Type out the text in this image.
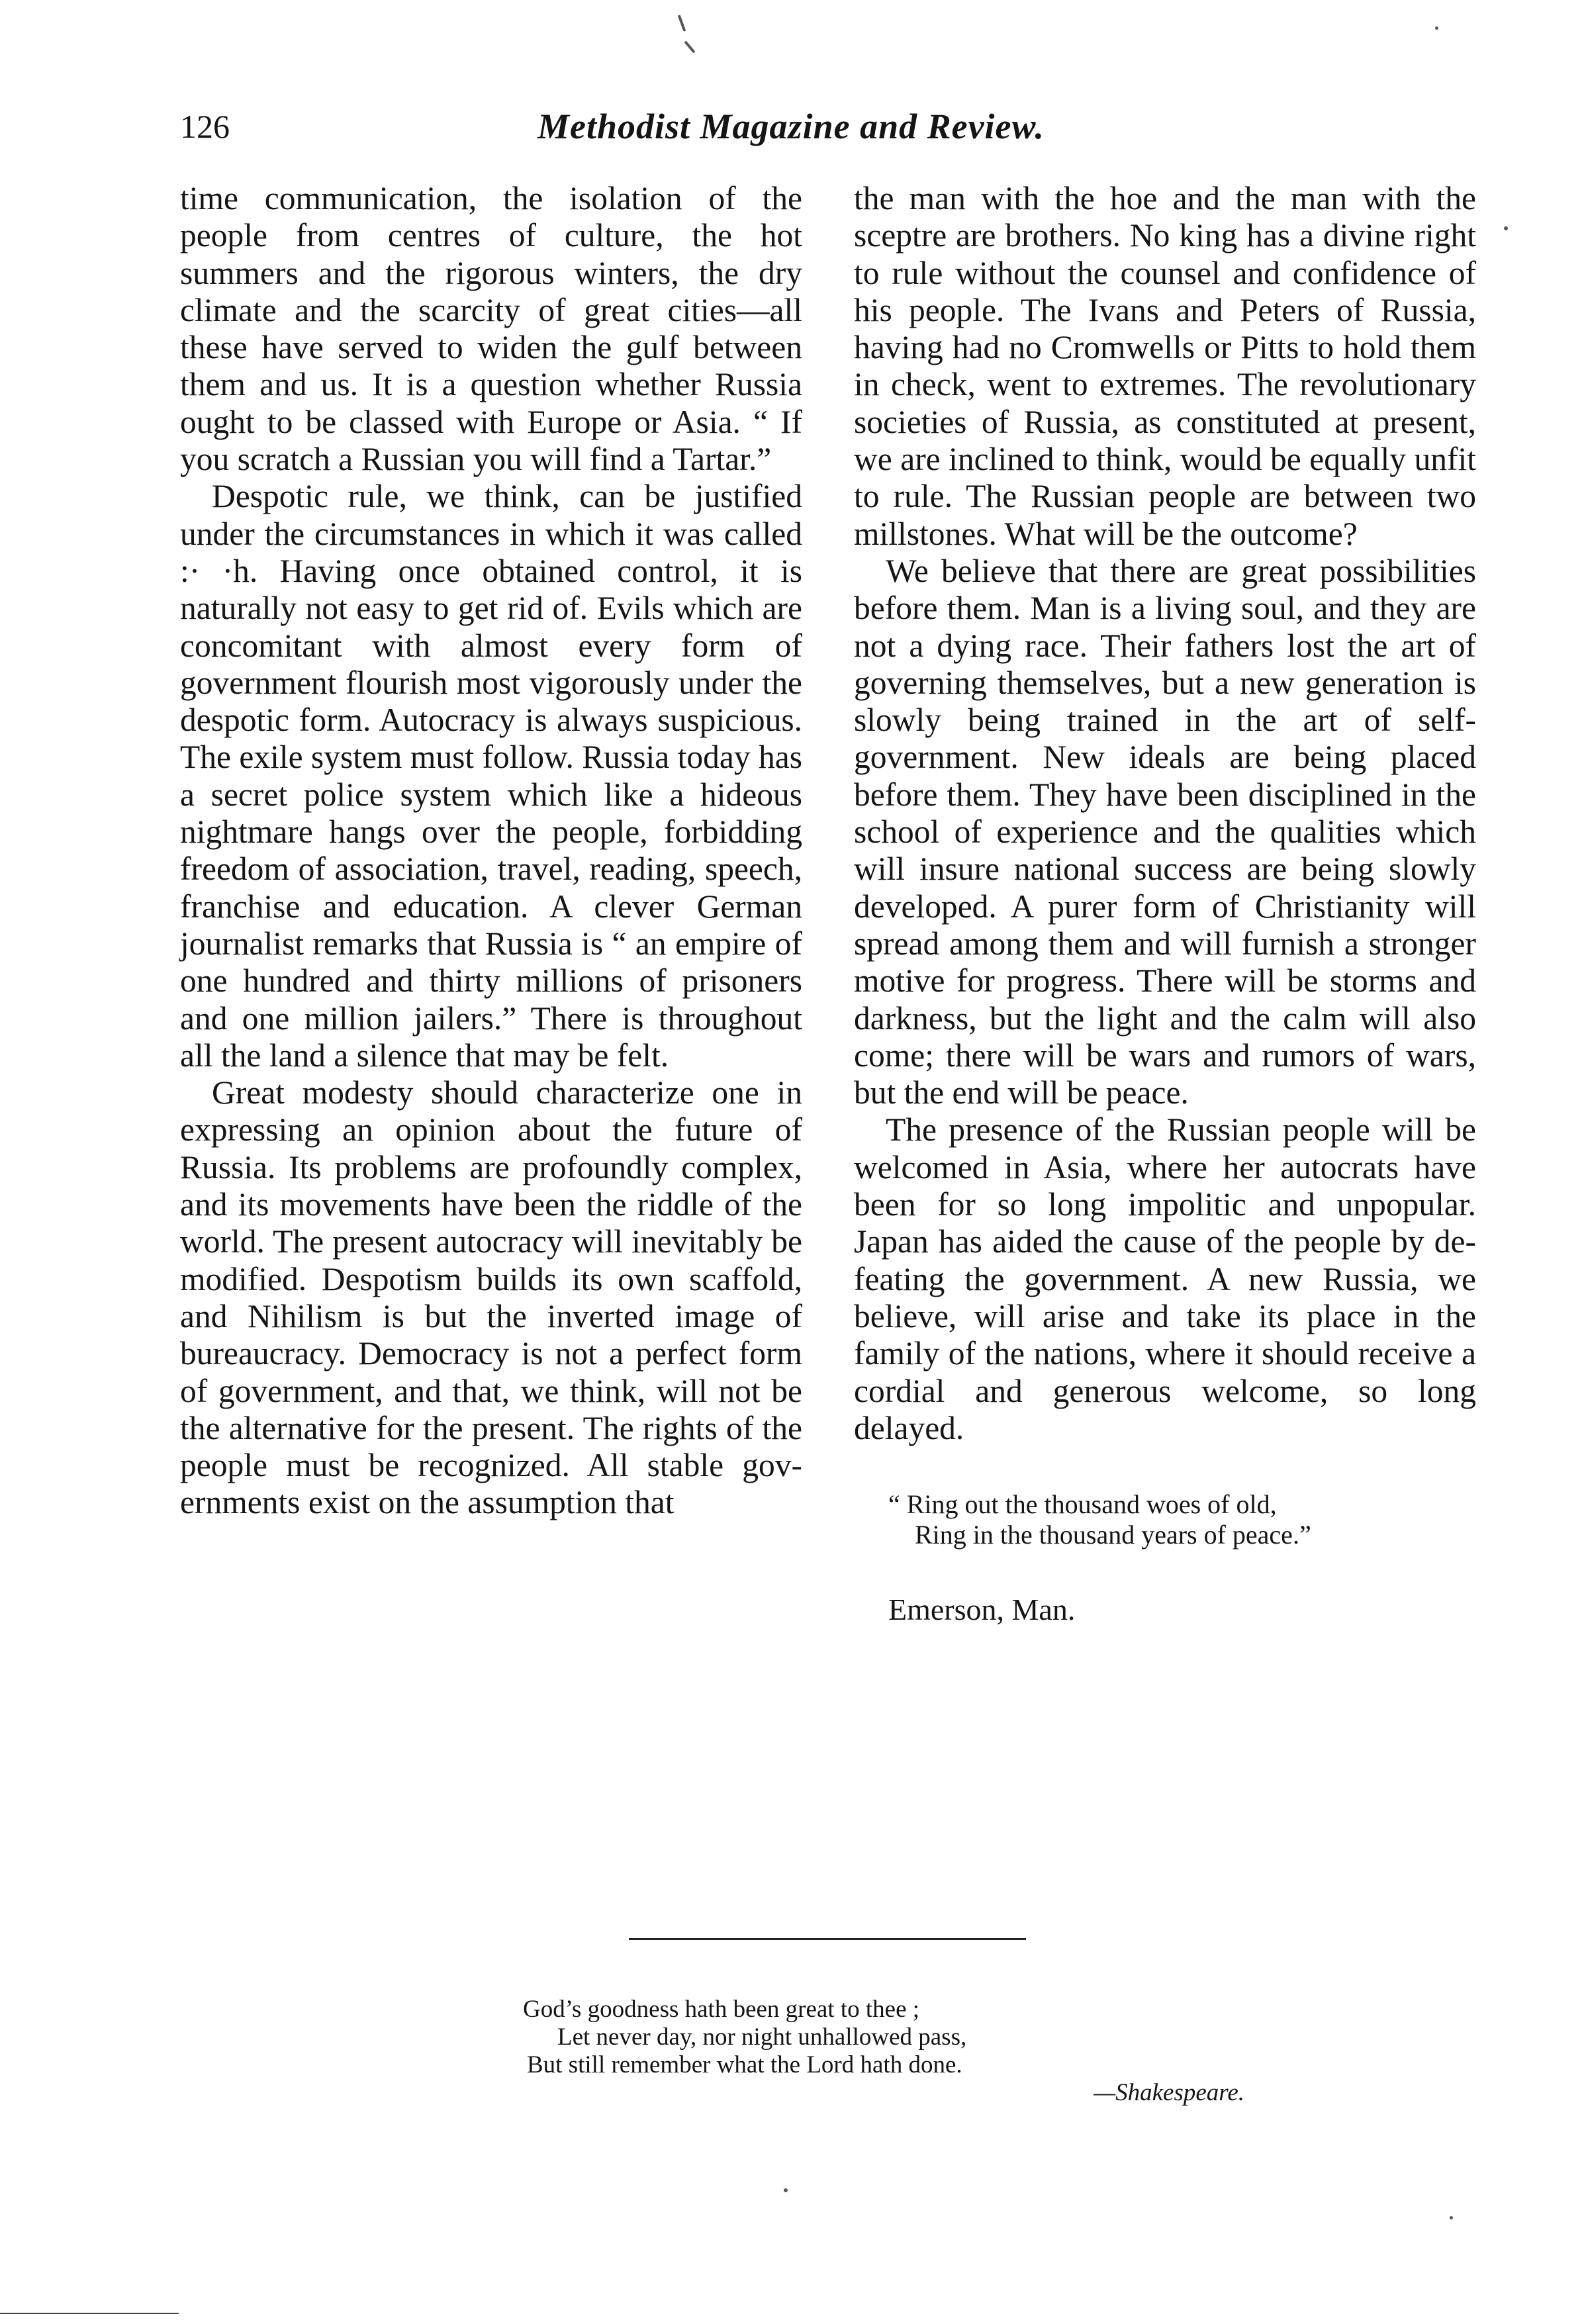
126	Methodist Magazine and Review.

time communication, the isolation of the people from centres of culture, the hot summers and the rigorous winters, the dry climate and the scarcity of great cities—all these have served to widen the gulf between them and us. It is a question whether Russia ought to be classed with Europe or Asia. “ If you scratch a Russian you will find a Tartar.”

Despotic rule, we think, can be justified under the circumstances in which it was called :· ·h. Having once obtained control, it is naturally not easy to get rid of. Evils which are concomitant with almost every form of government flourish most vigorously under the despotic form. Autocracy is always suspicious. The exile system must follow. Russia today has a secret police system which like a hideous nightmare hangs over the people, forbidding freedom of association, travel, reading, speech, franchise and education. A clever German journalist remarks that Russia is “ an empire of one hundred and thirty millions of prisoners and one million jailers.” There is throughout all the land a silence that may be felt.

Great modesty should characterize one in expressing an opinion about the future of Russia. Its problems are profoundly complex, and its movements have been the riddle of the world. The present autocracy will inevitably be modified. Despotism builds its own scaffold, and Nihilism is but the inverted image of bureaucracy. Democracy is not a perfect form of government, and that, we think, will not be the alternative for the present. The rights of the people must be recognized. All stable governments exist on the assumption that

the man with the hoe and the man with the sceptre are brothers. No king has a divine right to rule without the counsel and confidence of his people. The Ivans and Peters of Russia, having had no Cromwells or Pitts to hold them in check, went to extremes. The revolutionary societies of Russia, as constituted at present, we are inclined to think, would be equally unfit to rule. The Russian people are between two millstones. What will be the outcome?

We believe that there are great possibilities before them. Man is a living soul, and they are not a dying race. Their fathers lost the art of governing themselves, but a new generation is slowly being trained in the art of self-government. New ideals are being placed before them. They have been disciplined in the school of experience and the qualities which will insure national success are being slowly developed. A purer form of Christianity will spread among them and will furnish a stronger motive for progress. There will be storms and darkness, but the light and the calm will also come; there will be wars and rumors of wars, but the end will be peace.

The presence of the Russian people will be welcomed in Asia, where her autocrats have been for so long impolitic and unpopular. Japan has aided the cause of the people by defeating the government. A new Russia, we believe, will arise and take its place in the family of the nations, where it should receive a cordial and generous welcome, so long delayed.

“ Ring out the thousand woes of old,
Ring in the thousand years of peace.”
Emerson, Man.
God’s goodness hath been great to thee ;
Let never day, nor night unhallowed pass,
But still remember what the Lord hath done.
—Shakespeare.
